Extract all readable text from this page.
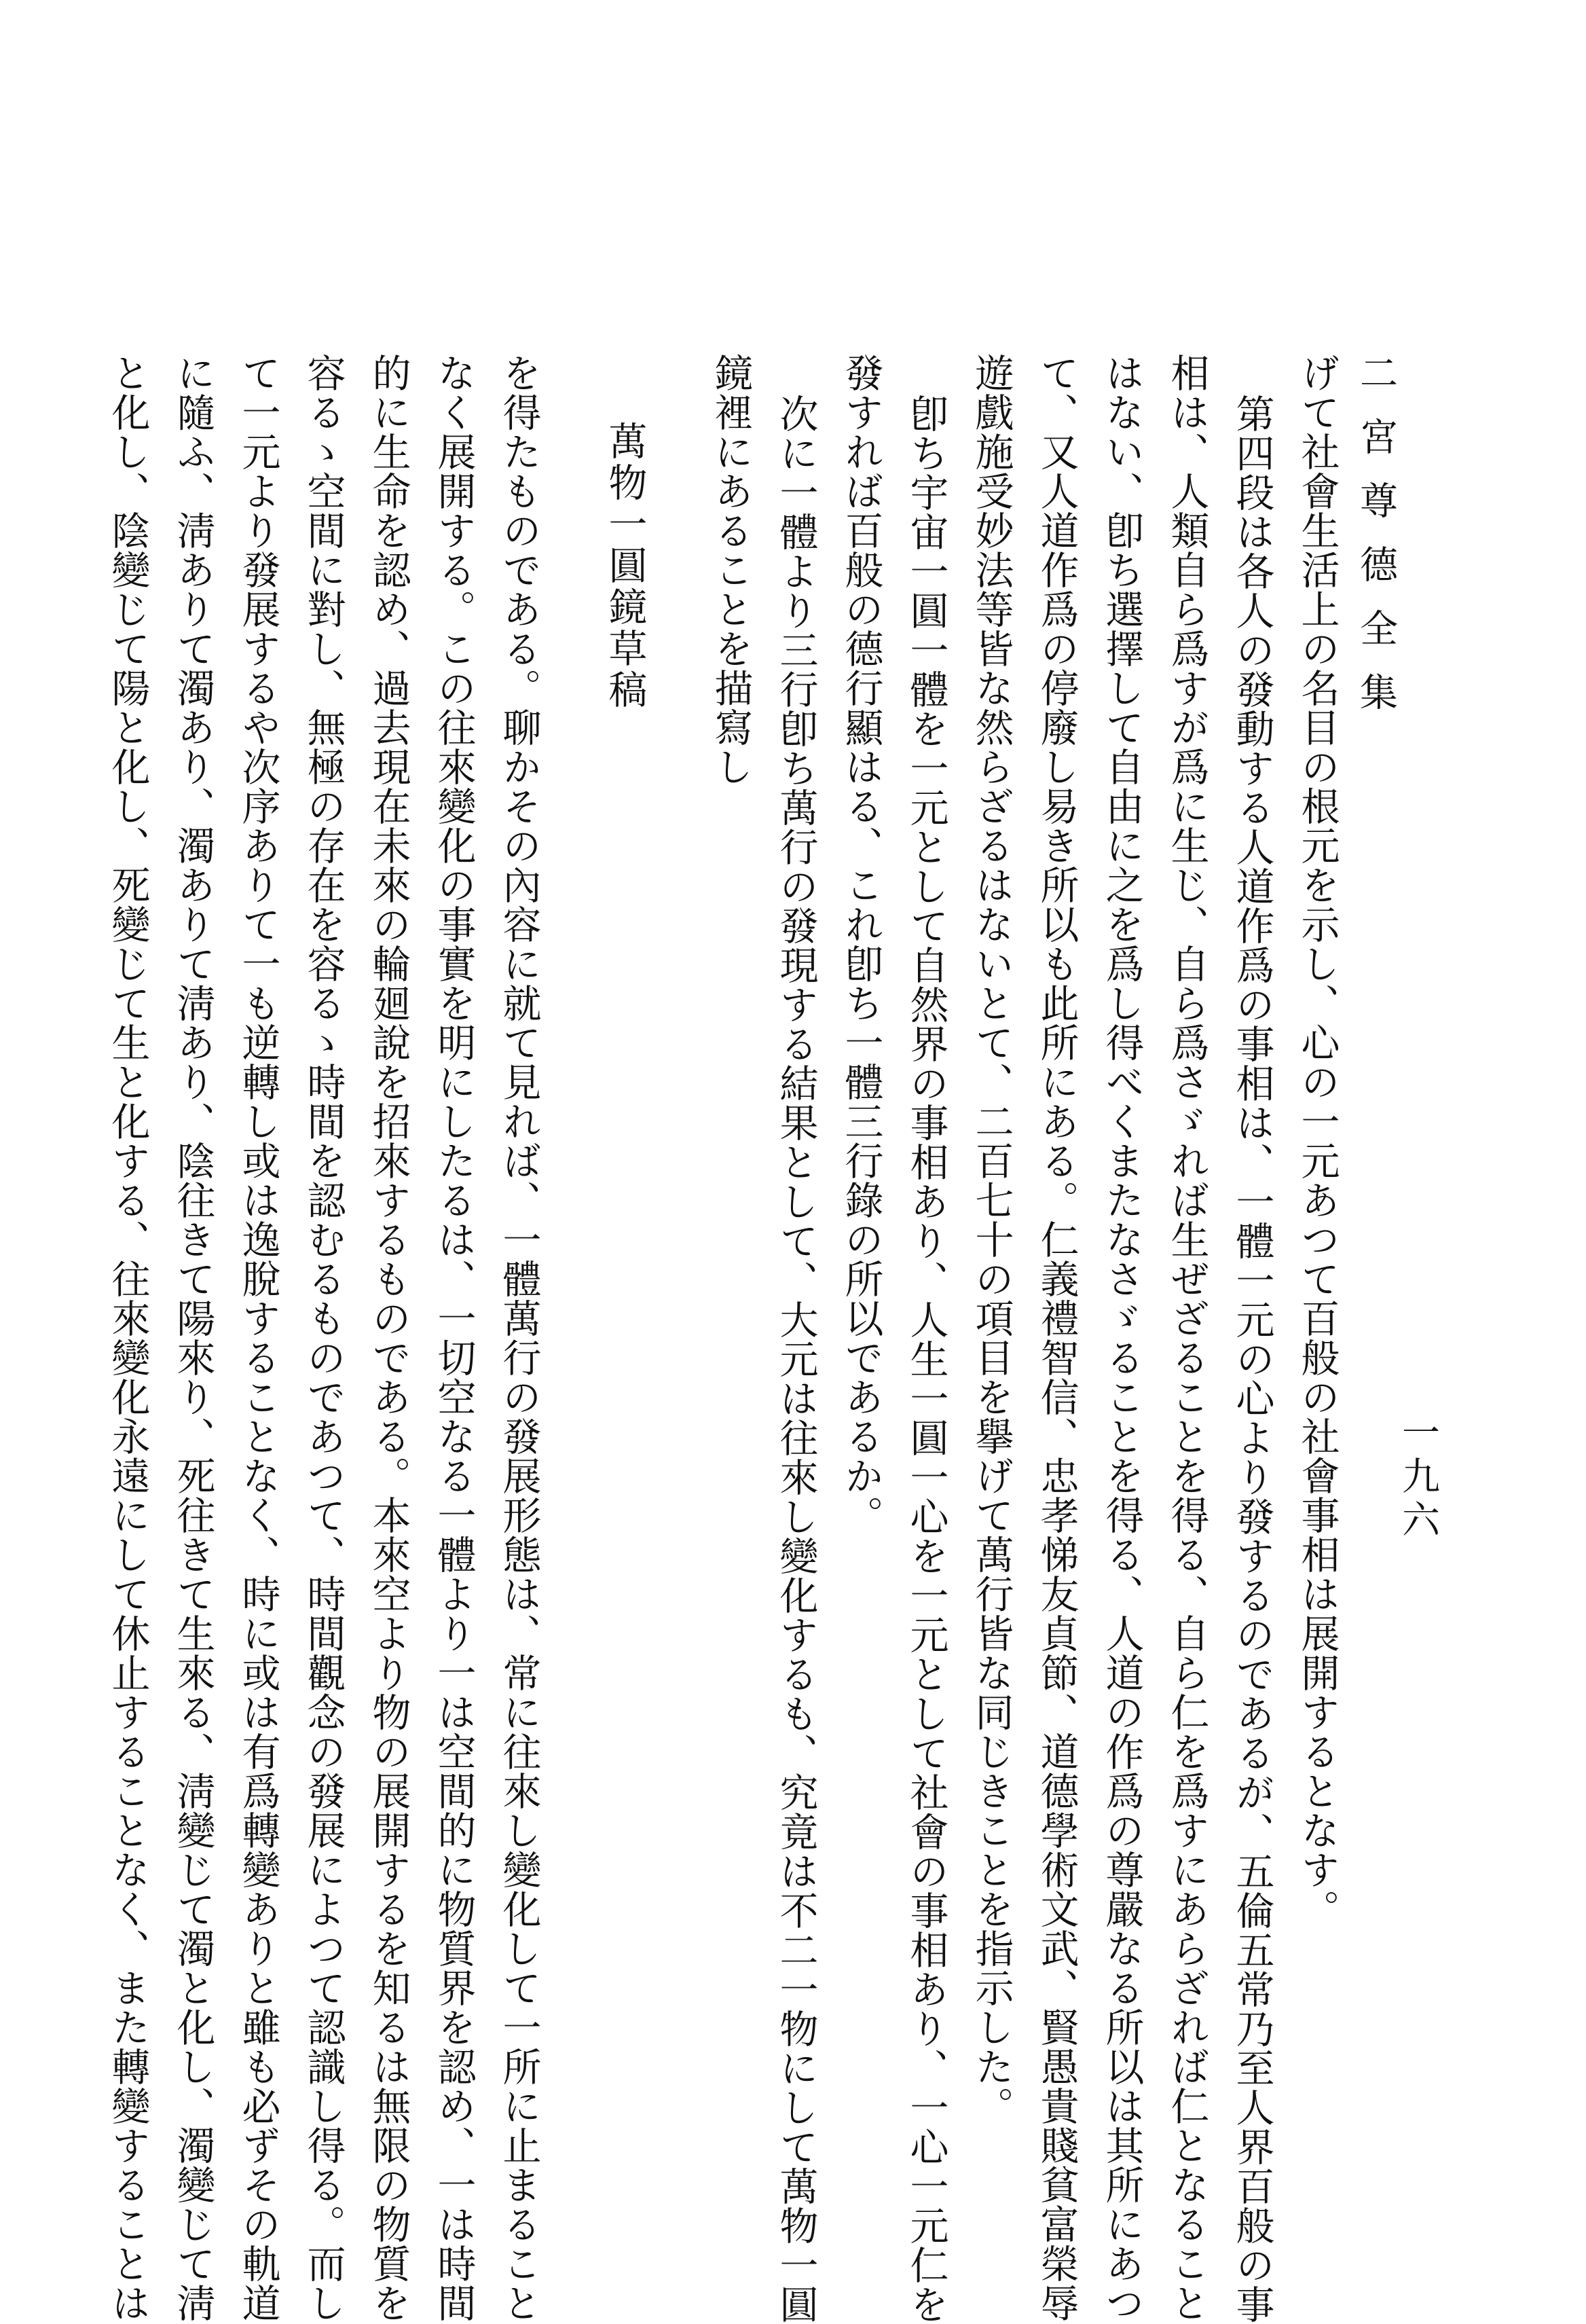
二宮尊德全集
一九六
げて社會生活上の名目の根元を示し、心の一元あつて百般の社會事相は展開するとなす。
第四段は各人の發動する人道作爲の事相は、一體一元の心より發するのであるが、五倫五常乃至人界百般の事
相は、人類自ら爲すが爲に生じ、自ら爲さゞれば生ぜざることを得る、自ら仁を爲すにあらざれば仁となること
はない、卽ち選擇して自由に之を爲し得べくまたなさゞることを得る、人道の作爲の尊嚴なる所以は其所にあつ
て、又人道作爲の停廢し易き所以も此所にある。仁義禮智信、忠孝悌友貞節、道德學術文武、賢愚貴賤貧富榮辱
遊戲施受妙法等皆な然らざるはないとて、二百七十の項目を擧げて萬行皆な同じきことを指示した。
卽ち宇宙一圓一體を一元として自然界の事相あり、人生一圓一心を一元として社會の事相あり、一心一元仁を
發すれば百般の德行顯はる、これ卽ち一體三行錄の所以であるか。
次に一體より三行卽ち萬行の發現する結果として、大元は往來し變化するも、究竟は不二一物にして萬物一圓
鏡裡にあることを描寫し
萬物一圓鏡草稿
を得たものである。聊かその內容に就て見れば、一體萬行の發展形態は、常に往來し變化して一所に止まること
なく展開する。この往來變化の事實を明にしたるは、一切空なる一體より一は空間的に物質界を認め、一は時間
的に生命を認め、過去現在未來の輪廻說を招來するものである。本來空より物の展開するを知るは無限の物質を
容るゝ空間に對し、無極の存在を容るゝ時間を認むるものであつて、時間觀念の發展によつて認識し得る。而し
て一元より發展するや次序ありて一も逆轉し或は逸脫することなく、時に或は有爲轉變ありと雖も必ずその軌道
に隨ふ、淸ありて濁あり、濁ありて淸あり、陰往きて陽來り、死往きて生來る、淸變じて濁と化し、濁變じて淸
と化し、陰變じて陽と化し、死變じて生と化する、往來變化永遠にして休止することなく、また轉變することは
